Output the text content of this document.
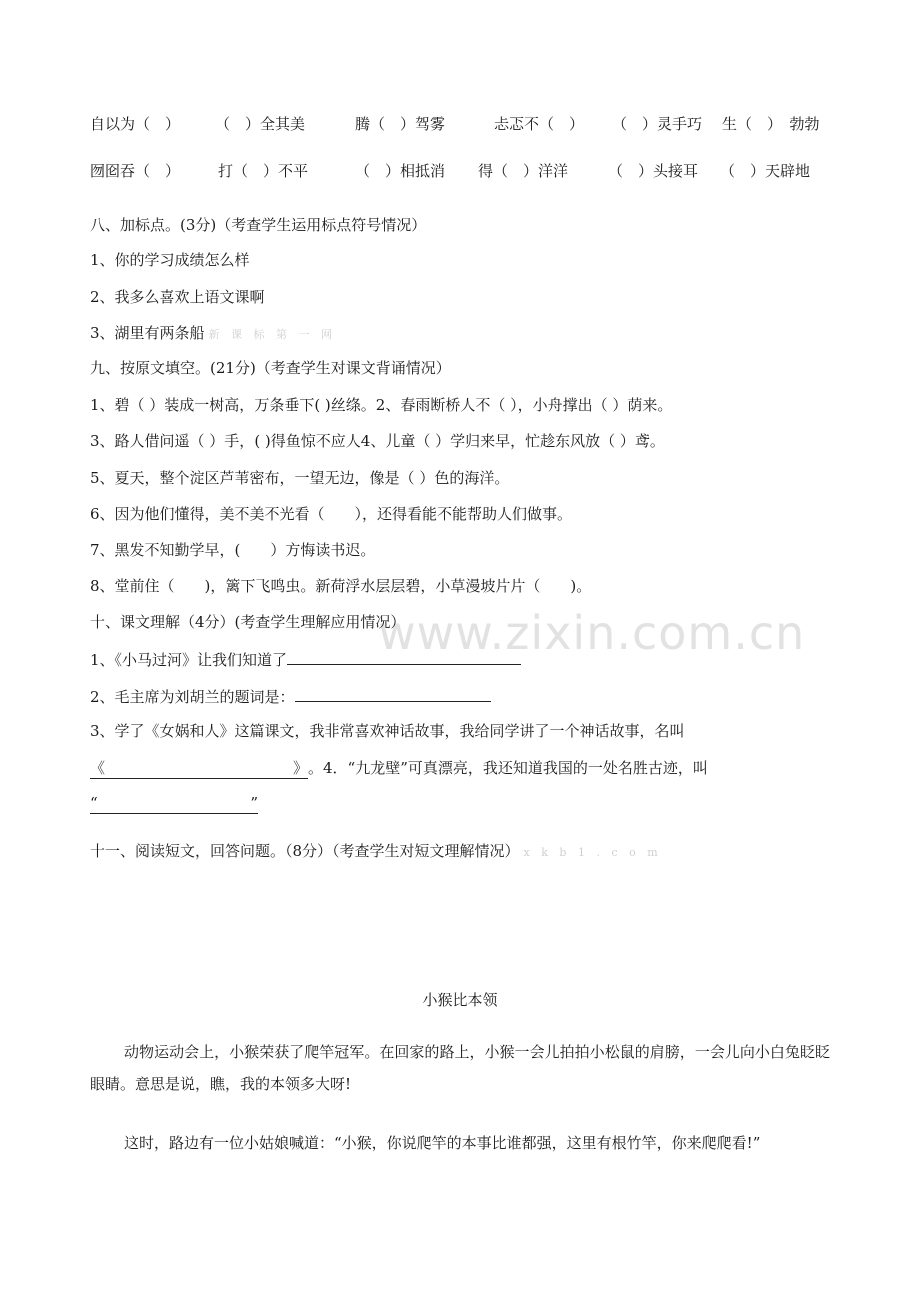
自以为（　） （　）全其美	腾（　）驾雾	忐忑不（　） （　）灵手巧 生（　）　勃勃
囫囵吞（　）	打（　）不平	（　）相抵消 得（　）洋洋	（　）头接耳 （　）天辟地
八、加标点。(3分)（考查学生运用标点符号情况）
1、你的学习成绩怎么样
2、我多么喜欢上语文课啊
3、湖里有两条船 新 课 标 第 一 网
九、按原文填空。(21分)（考查学生对课文背诵情况）
1、碧（ ）装成一树高，万条垂下( )丝绦。2、春雨断桥人不（ ），小舟撑出（ ）荫来。
3、路人借问遥（ ）手，( )得鱼惊不应人4、儿童（ ）学归来早，忙趁东风放（ ）鸢。
5、夏天，整个淀区芦苇密布，一望无边，像是（ ）色的海洋。
6、因为他们懂得，美不美不光看（　　），还得看能不能帮助人们做事。
7、黑发不知勤学早，(　　）方悔读书迟。
8、堂前住（　　)，篱下飞鸣虫。新荷浮水层层碧，小草漫坡片片（　　)。
www.zixin.com.cn
十、课文理解（4分）(考查学生理解应用情况）
1、《小马过河》让我们知道了
2、毛主席为刘胡兰的题词是：
3、学了《女娲和人》这篇课文，我非常喜欢神话故事，我给同学讲了一个神话故事，名叫
《	》 。4．“九龙壁”可真漂亮，我还知道我国的一处名胜古迹，叫
“	”
十一、阅读短文，回答问题。（8分）（考查学生对短文理解情况） x k b 1 . c o m
小猴比本领
动物运动会上，小猴荣获了爬竿冠军。在回家的路上，小猴一会儿拍拍小松鼠的肩膀，一会儿向小白兔眨眨眼睛。意思是说，瞧，我的本领多大呀!
这时，路边有一位小姑娘喊道：“小猴，你说爬竿的本事比谁都强，这里有根竹竿，你来爬爬看!”
